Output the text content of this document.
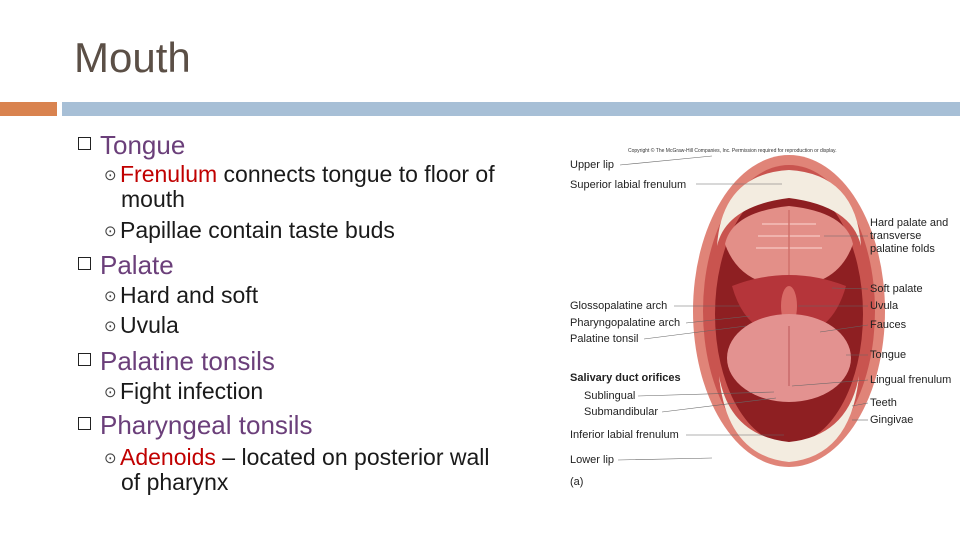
Mouth
Tongue
⊙ Frenulum connects tongue to floor of
mouth
⊙ Papillae contain taste buds
Palate
⊙ Hard and soft
⊙ Uvula
Palatine tonsils
⊙ Fight infection
Pharyngeal tonsils
⊙ Adenoids – located on posterior wall
of pharynx
Copyright © The McGraw-Hill Companies, Inc. Permission required for reproduction or display.
Upper lip
Superior labial frenulum
Glossopalatine arch
Pharyngopalatine arch
Palatine tonsil
Salivary duct orifices
Sublingual
Submandibular
Inferior labial frenulum
Lower lip
(a)
Hard palate and
transverse
palatine folds
Soft palate
Uvula
Fauces
Tongue
Lingual frenulum
Teeth
Gingivae
